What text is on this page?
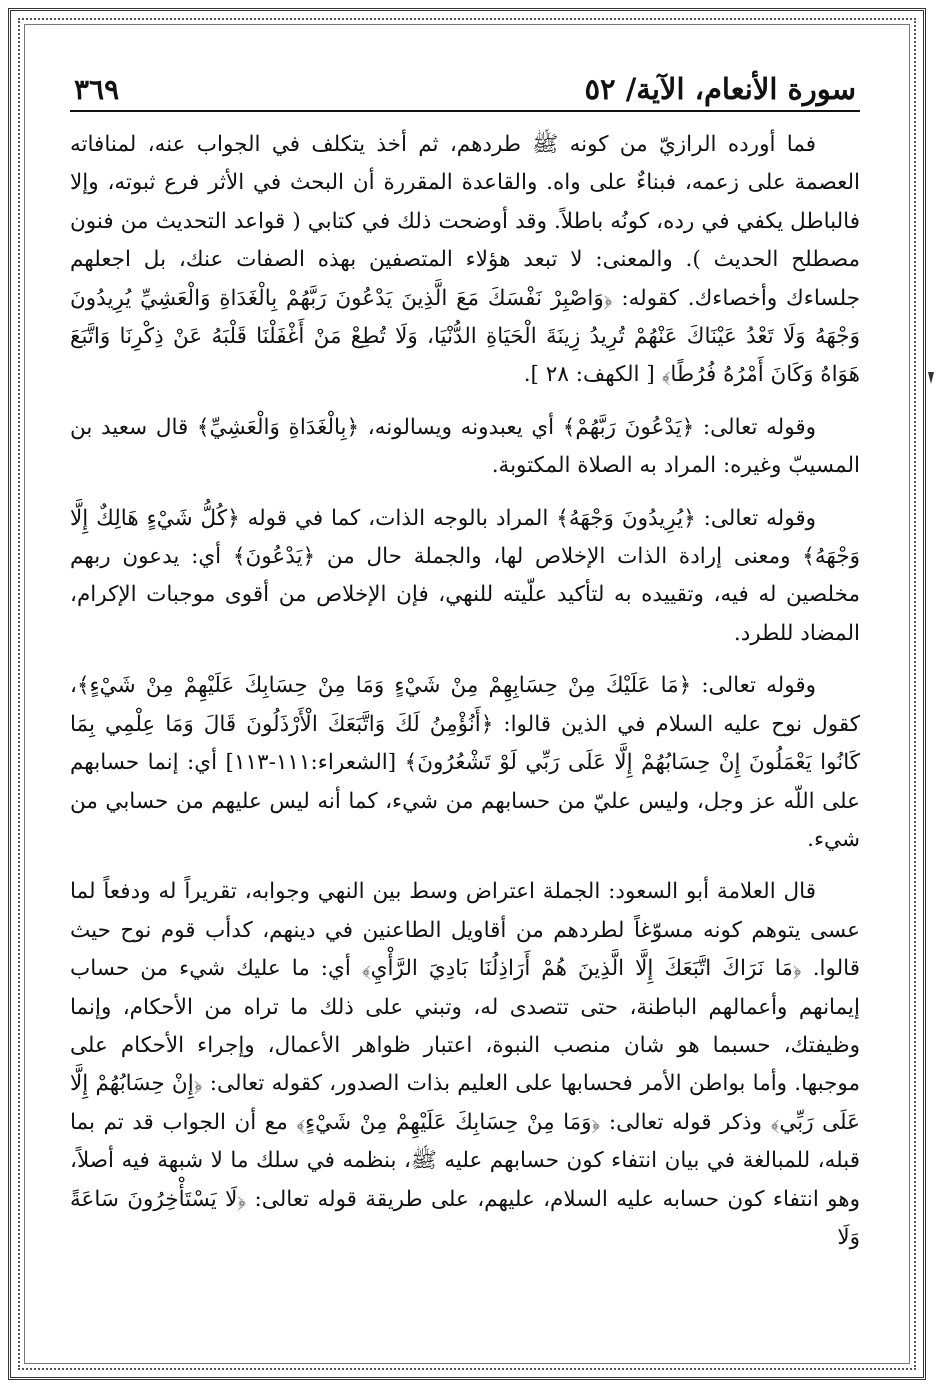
سورة الأنعام، الآية/ ٥٢
٣٦٩

فما أورده الرازيّ من كونه ﷺ طردهم، ثم أخذ يتكلف في الجواب عنه، لمنافاته العصمة على زعمه، فبناءٌ على واه. والقاعدة المقررة أن البحث في الأثر فرع ثبوته، وإلا فالباطل يكفي في رده، كونُه باطلاً. وقد أوضحت ذلك في كتابي ( قواعد التحديث من فنون مصطلح الحديث ). والمعنى: لا تبعد هؤلاء المتصفين بهذه الصفات عنك، بل اجعلهم جلساءك وأخصاءك. كقوله: ﴿وَاصْبِرْ نَفْسَكَ مَعَ الَّذِينَ يَدْعُونَ رَبَّهُمْ بِالْغَدَاةِ وَالْعَشِيِّ يُرِيدُونَ وَجْهَهُ وَلَا تَعْدُ عَيْنَاكَ عَنْهُمْ تُرِيدُ زِينَةَ الْحَيَاةِ الدُّنْيَا، وَلَا تُطِعْ مَنْ أَغْفَلْنَا قَلْبَهُ عَنْ ذِكْرِنَا وَاتَّبَعَ هَوَاهُ وَكَانَ أَمْرُهُ فُرُطًا﴾ [ الكهف: ٢٨ ].

وقوله تعالى: ﴿يَدْعُونَ رَبَّهُمْ﴾ أي يعبدونه ويسالونه، ﴿بِالْغَدَاةِ وَالْعَشِيِّ﴾ قال سعيد بن المسيبّ وغيره: المراد به الصلاة المكتوبة.

وقوله تعالى: ﴿يُرِيدُونَ وَجْهَهُ﴾ المراد بالوجه الذات، كما في قوله ﴿كُلُّ شَيْءٍ هَالِكٌ إِلَّا وَجْهَهُ﴾ ومعنى إرادة الذات الإخلاص لها، والجملة حال من ﴿يَدْعُونَ﴾ أي: يدعون ربهم مخلصين له فيه، وتقييده به لتأكيد علّيته للنهي، فإن الإخلاص من أقوى موجبات الإكرام، المضاد للطرد.

وقوله تعالى: ﴿مَا عَلَيْكَ مِنْ حِسَابِهِمْ مِنْ شَيْءٍ وَمَا مِنْ حِسَابِكَ عَلَيْهِمْ مِنْ شَيْءٍ﴾، كقول نوح عليه السلام في الذين قالوا: ﴿أَنُؤْمِنُ لَكَ وَاتَّبَعَكَ الْأَرْذَلُونَ قَالَ وَمَا عِلْمِي بِمَا كَانُوا يَعْمَلُونَ إِنْ حِسَابُهُمْ إِلَّا عَلَى رَبِّي لَوْ تَشْعُرُونَ﴾ [الشعراء:١١١-١١٣] أي: إنما حسابهم على اللّه عز وجل، وليس عليّ من حسابهم من شيء، كما أنه ليس عليهم من حسابي من شيء.

قال العلامة أبو السعود: الجملة اعتراض وسط بين النهي وجوابه، تقريراً له ودفعاً لما عسى يتوهم كونه مسوّغاً لطردهم من أقاويل الطاعنين في دينهم، كدأب قوم نوح حيث قالوا. ﴿مَا نَرَاكَ اتَّبَعَكَ إِلَّا الَّذِينَ هُمْ أَرَاذِلُنَا بَادِيَ الرَّأْيِ﴾ أي: ما عليك شيء من حساب إيمانهم وأعمالهم الباطنة، حتى تتصدى له، وتبني على ذلك ما تراه من الأحكام، وإنما وظيفتك، حسبما هو شان منصب النبوة، اعتبار ظواهر الأعمال، وإجراء الأحكام على موجبها. وأما بواطن الأمر فحسابها على العليم بذات الصدور، كقوله تعالى: ﴿إِنْ حِسَابُهُمْ إِلَّا عَلَى رَبِّي﴾ وذكر قوله تعالى: ﴿وَمَا مِنْ حِسَابِكَ عَلَيْهِمْ مِنْ شَيْءٍ﴾ مع أن الجواب قد تم بما قبله، للمبالغة في بيان انتفاء كون حسابهم عليه ﷺ، بنظمه في سلك ما لا شبهة فيه أصلاً، وهو انتفاء كون حسابه عليه السلام، عليهم، على طريقة قوله تعالى: ﴿لَا يَسْتَأْخِرُونَ سَاعَةً وَلَا
